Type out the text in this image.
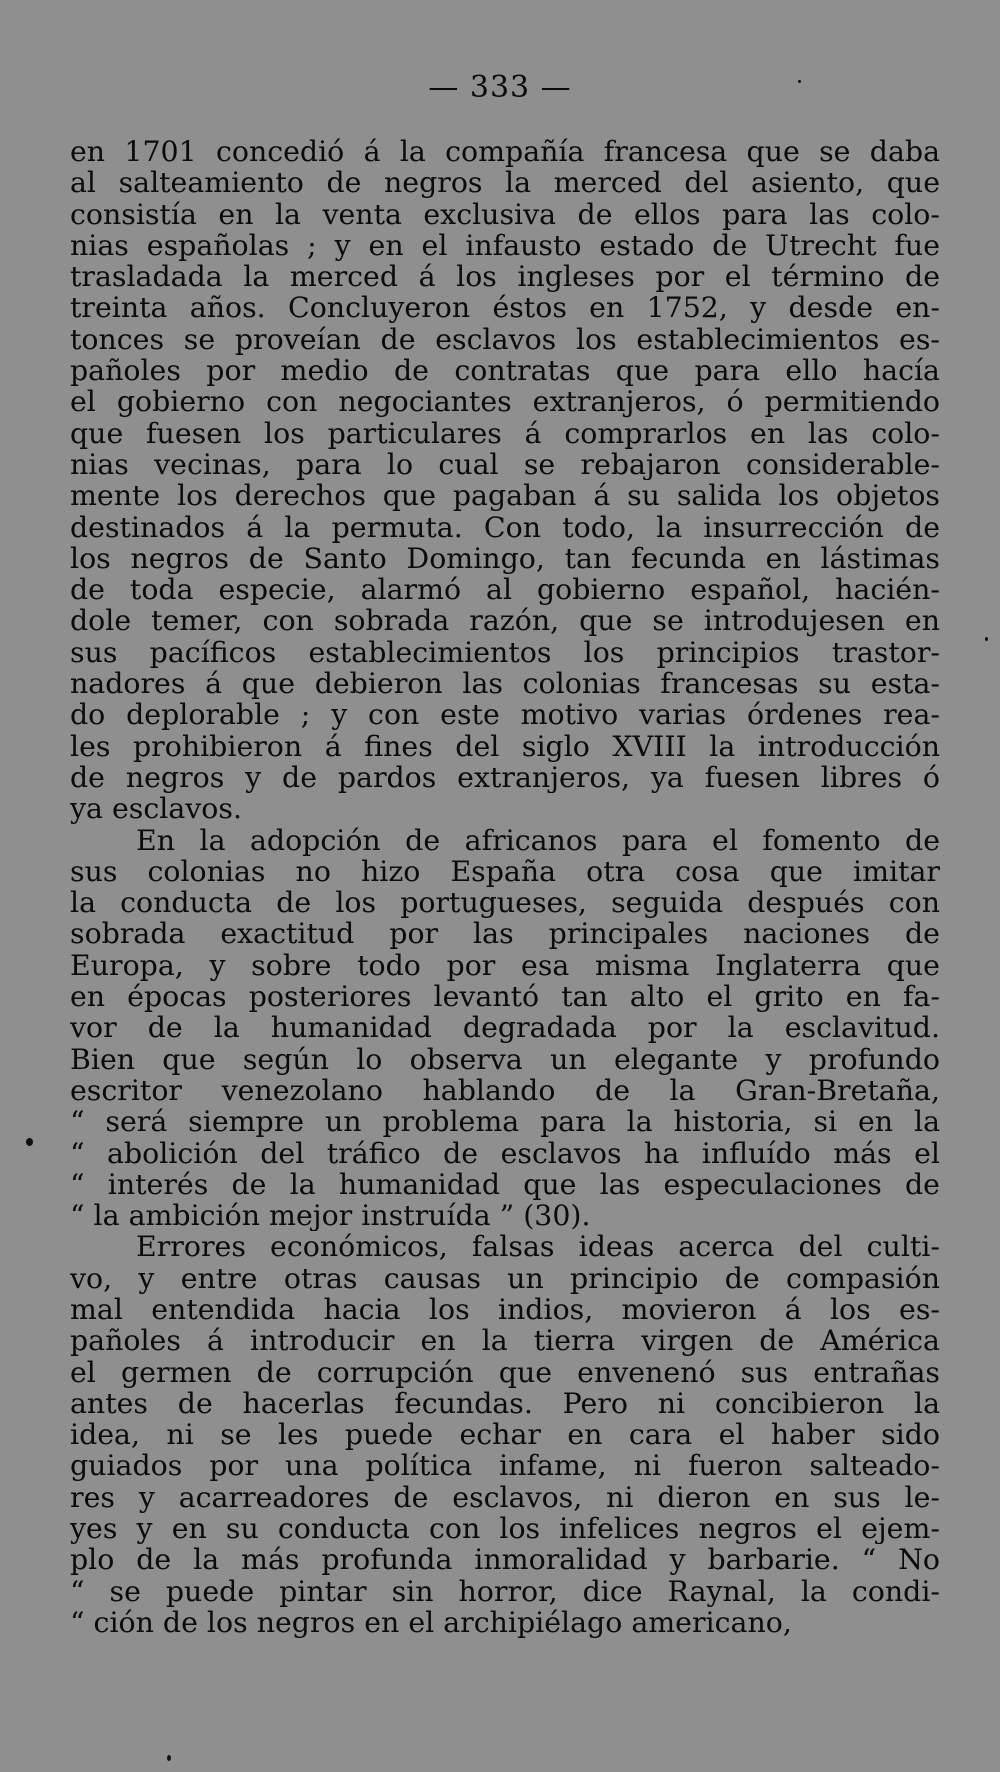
— 333 —
en 1701 concedió á la compañía francesa que se daba
al salteamiento de negros la merced del asiento, que
consistía en la venta exclusiva de ellos para las colo-
nias españolas ; y en el infausto estado de Utrecht fue
trasladada la merced á los ingleses por el término de
treinta años. Concluyeron éstos en 1752, y desde en-
tonces se proveían de esclavos los establecimientos es-
pañoles por medio de contratas que para ello hacía
el gobierno con negociantes extranjeros, ó permitiendo
que fuesen los particulares á comprarlos en las colo-
nias vecinas, para lo cual se rebajaron considerable-
mente los derechos que pagaban á su salida los objetos
destinados á la permuta. Con todo, la insurrección de
los negros de Santo Domingo, tan fecunda en lástimas
de toda especie, alarmó al gobierno español, hacién-
dole temer, con sobrada razón, que se introdujesen en
sus pacíficos establecimientos los principios trastor-
nadores á que debieron las colonias francesas su esta-
do deplorable ; y con este motivo varias órdenes rea-
les prohibieron á fines del siglo XVIII la introducción
de negros y de pardos extranjeros, ya fuesen libres ó
ya esclavos.
En la adopción de africanos para el fomento de
sus colonias no hizo España otra cosa que imitar
la conducta de los portugueses, seguida después con
sobrada exactitud por las principales naciones de
Europa, y sobre todo por esa misma Inglaterra que
en épocas posteriores levantó tan alto el grito en fa-
vor de la humanidad degradada por la esclavitud.
Bien que según lo observa un elegante y profundo
escritor venezolano hablando de la Gran-Bretaña,
“ será siempre un problema para la historia, si en la
“ abolición del tráfico de esclavos ha influído más el
“ interés de la humanidad que las especulaciones de
“ la ambición mejor instruída ” (30).
Errores económicos, falsas ideas acerca del culti-
vo, y entre otras causas un principio de compasión
mal entendida hacia los indios, movieron á los es-
pañoles á introducir en la tierra virgen de América
el germen de corrupción que envenenó sus entrañas
antes de hacerlas fecundas. Pero ni concibieron la
idea, ni se les puede echar en cara el haber sido
guiados por una política infame, ni fueron salteado-
res y acarreadores de esclavos, ni dieron en sus le-
yes y en su conducta con los infelices negros el ejem-
plo de la más profunda inmoralidad y barbarie. “ No
“ se puede pintar sin horror, dice Raynal, la condi-
“ ción de los negros en el archipiélago americano,
